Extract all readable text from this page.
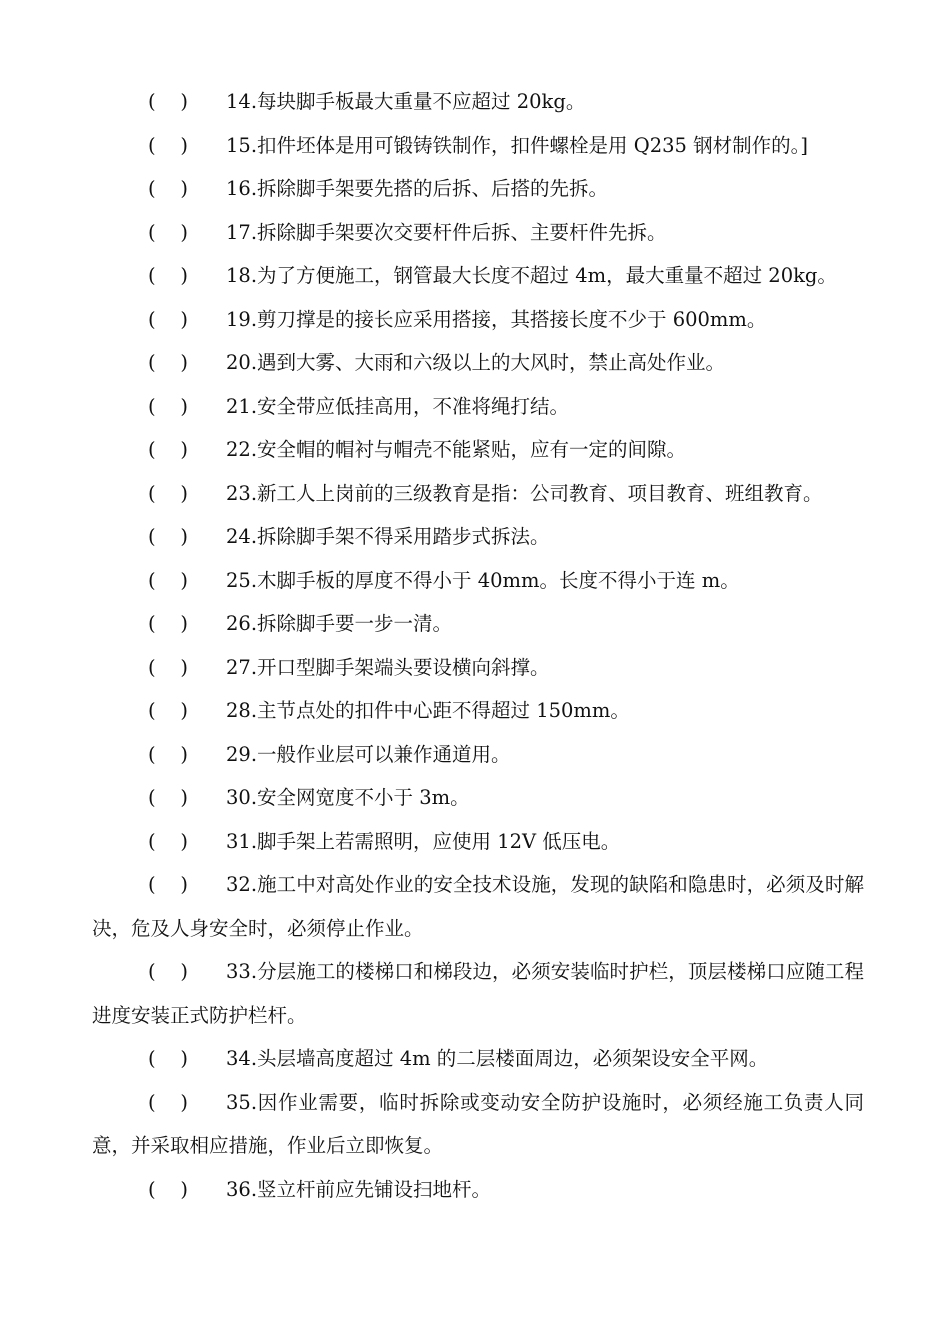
(    ) 14.每块脚手板最大重量不应超过 20kg。

(    ) 15.扣件坯体是用可锻铸铁制作，扣件螺栓是用 Q235 钢材制作的。]

(    ) 16.拆除脚手架要先搭的后拆、后搭的先拆。

(    ) 17.拆除脚手架要次交要杆件后拆、主要杆件先拆。

(    ) 18.为了方便施工，钢管最大长度不超过 4m，最大重量不超过 20kg。

(    ) 19.剪刀撑是的接长应采用搭接，其搭接长度不少于 600mm。

(    ) 20.遇到大雾、大雨和六级以上的大风时，禁止高处作业。

(    ) 21.安全带应低挂高用，不准将绳打结。

(    ) 22.安全帽的帽衬与帽壳不能紧贴，应有一定的间隙。

(    ) 23.新工人上岗前的三级教育是指：公司教育、项目教育、班组教育。

(    ) 24.拆除脚手架不得采用踏步式拆法。

(    ) 25.木脚手板的厚度不得小于 40mm。长度不得小于连 m。

(    ) 26.拆除脚手要一步一清。

(    ) 27.开口型脚手架端头要设横向斜撑。

(    ) 28.主节点处的扣件中心距不得超过 150mm。

(    ) 29.一般作业层可以兼作通道用。

(    ) 30.安全网宽度不小于 3m。

(    ) 31.脚手架上若需照明，应使用 12V 低压电。

(    ) 32.施工中对高处作业的安全技术设施，发现的缺陷和隐患时，必须及时解决，危及人身安全时，必须停止作业。

(    ) 33.分层施工的楼梯口和梯段边，必须安装临时护栏，顶层楼梯口应随工程进度安装正式防护栏杆。

(    ) 34.头层墙高度超过 4m 的二层楼面周边，必须架设安全平网。

(    ) 35.因作业需要，临时拆除或变动安全防护设施时，必须经施工负责人同意，并采取相应措施，作业后立即恢复。

(    ) 36.竖立杆前应先铺设扫地杆。
